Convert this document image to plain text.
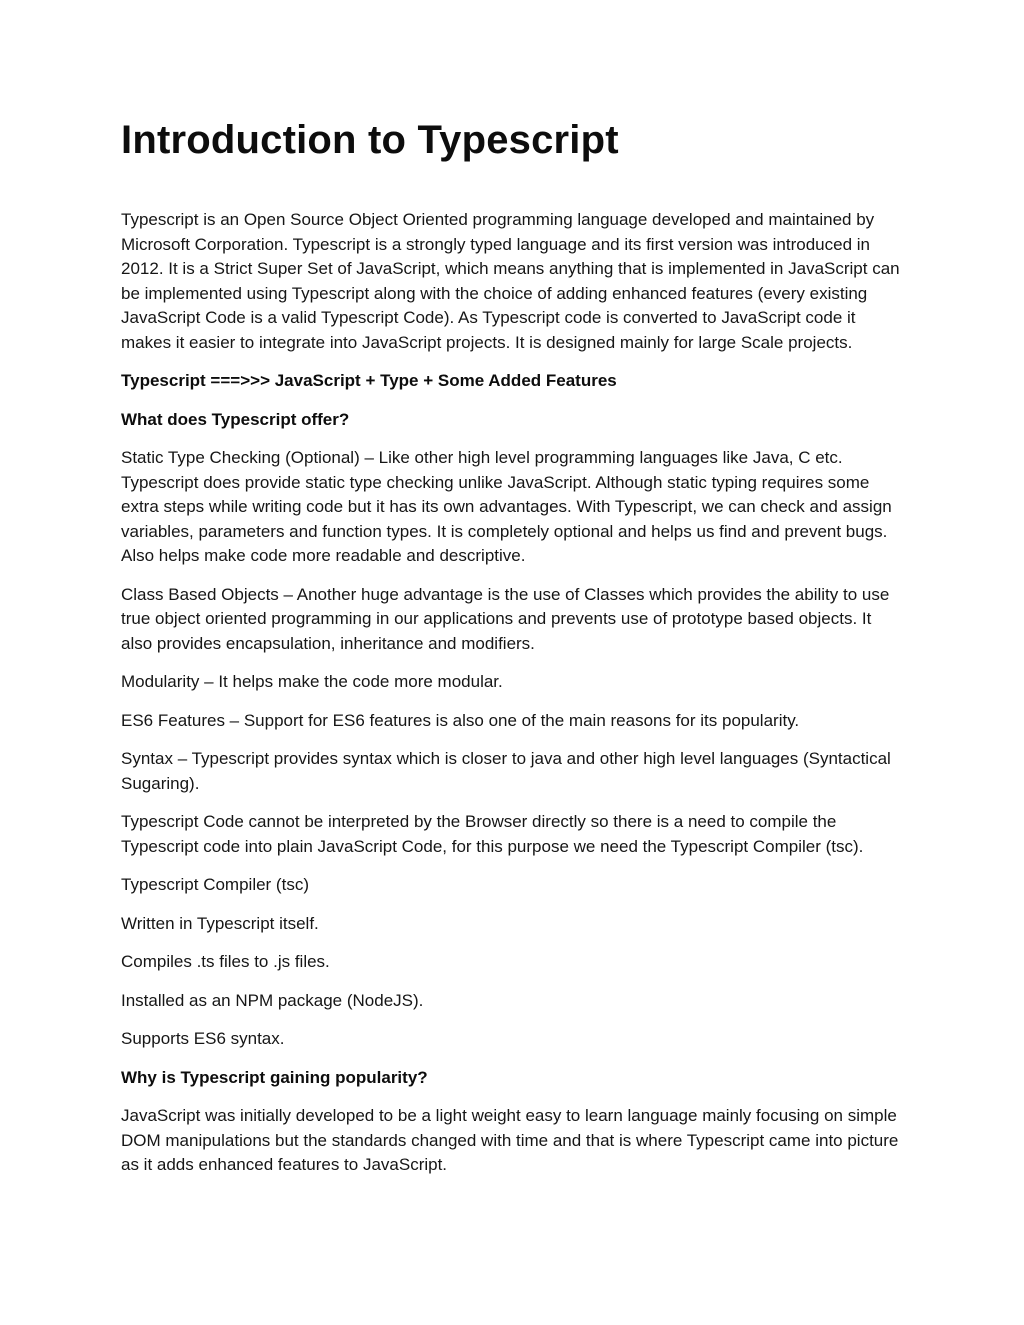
Introduction to Typescript

Typescript is an Open Source Object Oriented programming language developed and maintained by Microsoft Corporation. Typescript is a strongly typed language and its first version was introduced in 2012. It is a Strict Super Set of JavaScript, which means anything that is implemented in JavaScript can be implemented using Typescript along with the choice of adding enhanced features (every existing JavaScript Code is a valid Typescript Code). As Typescript code is converted to JavaScript code it makes it easier to integrate into JavaScript projects. It is designed mainly for large Scale projects.

Typescript ===>>> JavaScript + Type + Some Added Features

What does Typescript offer?

Static Type Checking (Optional) – Like other high level programming languages like Java, C etc. Typescript does provide static type checking unlike JavaScript. Although static typing requires some extra steps while writing code but it has its own advantages. With Typescript, we can check and assign variables, parameters and function types. It is completely optional and helps us find and prevent bugs. Also helps make code more readable and descriptive.

Class Based Objects – Another huge advantage is the use of Classes which provides the ability to use true object oriented programming in our applications and prevents use of prototype based objects. It also provides encapsulation, inheritance and modifiers.

Modularity – It helps make the code more modular.

ES6 Features – Support for ES6 features is also one of the main reasons for its popularity.

Syntax – Typescript provides syntax which is closer to java and other high level languages (Syntactical Sugaring).

Typescript Code cannot be interpreted by the Browser directly so there is a need to compile the Typescript code into plain JavaScript Code, for this purpose we need the Typescript Compiler (tsc).

Typescript Compiler (tsc)

Written in Typescript itself.

Compiles .ts files to .js files.

Installed as an NPM package (NodeJS).

Supports ES6 syntax.

Why is Typescript gaining popularity?

JavaScript was initially developed to be a light weight easy to learn language mainly focusing on simple DOM manipulations but the standards changed with time and that is where Typescript came into picture as it adds enhanced features to JavaScript.
